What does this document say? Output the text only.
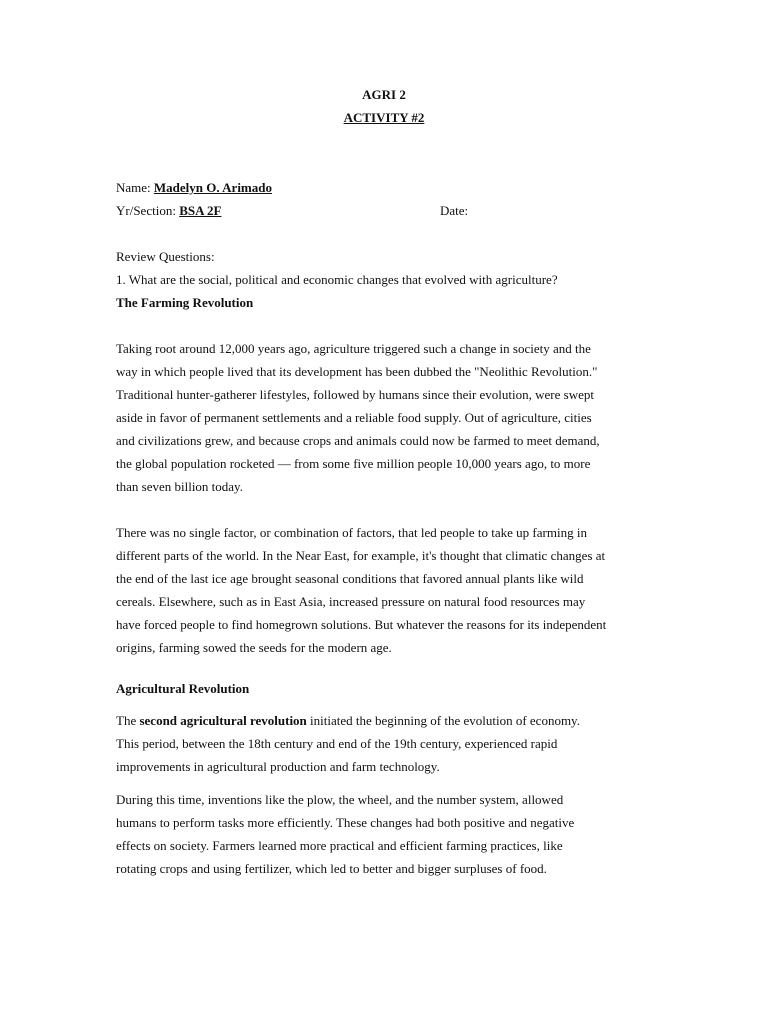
AGRI 2
ACTIVITY #2
Name: Madelyn O. Arimado
Yr/Section: BSA 2F	Date:
Review Questions:
1. What are the social, political and economic changes that evolved with agriculture?
The Farming Revolution
Taking root around 12,000 years ago, agriculture triggered such a change in society and the
way in which people lived that its development has been dubbed the "Neolithic Revolution."
Traditional hunter-gatherer lifestyles, followed by humans since their evolution, were swept
aside in favor of permanent settlements and a reliable food supply. Out of agriculture, cities
and civilizations grew, and because crops and animals could now be farmed to meet demand,
the global population rocketed — from some five million people 10,000 years ago, to more
than seven billion today.
There was no single factor, or combination of factors, that led people to take up farming in
different parts of the world. In the Near East, for example, it's thought that climatic changes at
the end of the last ice age brought seasonal conditions that favored annual plants like wild
cereals. Elsewhere, such as in East Asia, increased pressure on natural food resources may
have forced people to find homegrown solutions. But whatever the reasons for its independent
origins, farming sowed the seeds for the modern age.
Agricultural Revolution
The second agricultural revolution initiated the beginning of the evolution of economy.
This period, between the 18th century and end of the 19th century, experienced rapid
improvements in agricultural production and farm technology.
During this time, inventions like the plow, the wheel, and the number system, allowed
humans to perform tasks more efficiently. These changes had both positive and negative
effects on society. Farmers learned more practical and efficient farming practices, like
rotating crops and using fertilizer, which led to better and bigger surpluses of food.
